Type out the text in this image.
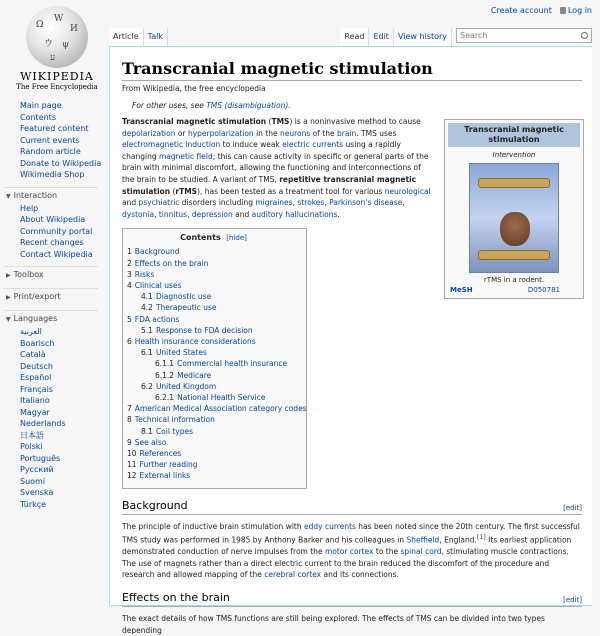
Create account	Log in
Ω
W
И
ウ ψ
ע
WIKIPEDIA
The Free Encyclopedia
Article	Talk	Read	Edit	View history	Search
Main page
Contents
Featured content
Current events
Random article
Donate to Wikipedia
Wikimedia Shop
▼ Interaction
Help
About Wikipedia
Community portal
Recent changes
Contact Wikipedia
▶ Toolbox
▶ Print/export
▼ Languages
العربية
Boarisch
Català
Deutsch
Español
Français
Italiano
Magyar
Nederlands
日本語
Polski
Português
Русский
Suomi
Svenska
Türkçe
Transcranial magnetic stimulation
From Wikipedia, the free encyclopedia
For other uses, see TMS (disambiguation).

Transcranial magnetic stimulation (TMS) is a noninvasive method to cause depolarization or hyperpolarization in the neurons of the brain. TMS uses electromagnetic induction to induce weak electric currents using a rapidly changing magnetic field; this can cause activity in specific or general parts of the brain with minimal discomfort, allowing the functioning and interconnections of the brain to be studied. A variant of TMS, repetitive transcranial magnetic stimulation (rTMS), has been tested as a treatment tool for various neurological and psychiatric disorders including migraines, strokes, Parkinson's disease, dystonia, tinnitus, depression and auditory hallucinations.

Transcranial magnetic stimulation
Intervention
rTMS in a rodent.
MeSH	D050781
Contents [hide]
1 Background
2 Effects on the brain
3 Risks
4 Clinical uses
4.1 Diagnostic use
4.2 Therapeutic use
5 FDA actions
5.1 Response to FDA decision
6 Health insurance considerations
6.1 United States
6.1.1 Commercial health insurance
6.1.2 Medicare
6.2 United Kingdom
6.2.1 National Health Service
7 American Medical Association category codes
8 Technical information
8.1 Coil types
9 See also
10 References
11 Further reading
12 External links
Background	[edit]

The principle of inductive brain stimulation with eddy currents has been noted since the 20th century. The first successful TMS study was performed in 1985 by Anthony Barker and his colleagues in Sheffield, England.[1] Its earliest application demonstrated conduction of nerve impulses from the motor cortex to the spinal cord, stimulating muscle contractions. The use of magnets rather than a direct electric current to the brain reduced the discomfort of the procedure and research and allowed mapping of the cerebral cortex and its connections.

Effects on the brain	[edit]

The exact details of how TMS functions are still being explored. The effects of TMS can be divided into two types depending
